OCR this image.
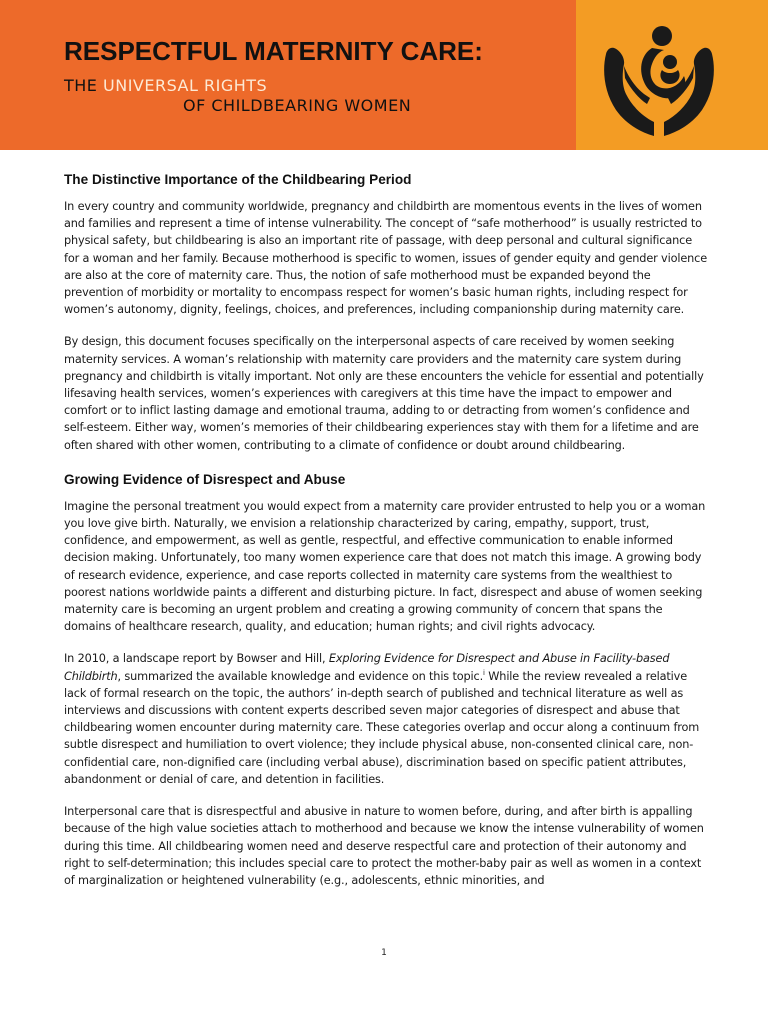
RESPECTFUL MATERNITY CARE:
THE UNIVERSAL RIGHTS
OF CHILDBEARING WOMEN
The Distinctive Importance of the Childbearing Period

In every country and community worldwide, pregnancy and childbirth are momentous events in the lives of women and families and represent a time of intense vulnerability. The concept of “safe motherhood” is usually restricted to physical safety, but childbearing is also an important rite of passage, with deep personal and cultural significance for a woman and her family. Because motherhood is specific to women, issues of gender equity and gender violence are also at the core of maternity care. Thus, the notion of safe motherhood must be expanded beyond the prevention of morbidity or mortality to encompass respect for women’s basic human rights, including respect for women’s autonomy, dignity, feelings, choices, and preferences, including companionship during maternity care.

By design, this document focuses specifically on the interpersonal aspects of care received by women seeking maternity services. A woman’s relationship with maternity care providers and the maternity care system during pregnancy and childbirth is vitally important. Not only are these encounters the vehicle for essential and potentially lifesaving health services, women’s experiences with caregivers at this time have the impact to empower and comfort or to inflict lasting damage and emotional trauma, adding to or detracting from women’s confidence and self-esteem. Either way, women’s memories of their childbearing experiences stay with them for a lifetime and are often shared with other women, contributing to a climate of confidence or doubt around childbearing.

Growing Evidence of Disrespect and Abuse

Imagine the personal treatment you would expect from a maternity care provider entrusted to help you or a woman you love give birth. Naturally, we envision a relationship characterized by caring, empathy, support, trust, confidence, and empowerment, as well as gentle, respectful, and effective communication to enable informed decision making. Unfortunately, too many women experience care that does not match this image. A growing body of research evidence, experience, and case reports collected in maternity care systems from the wealthiest to poorest nations worldwide paints a different and disturbing picture. In fact, disrespect and abuse of women seeking maternity care is becoming an urgent problem and creating a growing community of concern that spans the domains of healthcare research, quality, and education; human rights; and civil rights advocacy.

In 2010, a landscape report by Bowser and Hill, Exploring Evidence for Disrespect and Abuse in Facility-based Childbirth, summarized the available knowledge and evidence on this topic.$^i$ While the review revealed a relative lack of formal research on the topic, the authors’ in-depth search of published and technical literature as well as interviews and discussions with content experts described seven major categories of disrespect and abuse that childbearing women encounter during maternity care. These categories overlap and occur along a continuum from subtle disrespect and humiliation to overt violence; they include physical abuse, non-consented clinical care, non-confidential care, non-dignified care (including verbal abuse), discrimination based on specific patient attributes, abandonment or denial of care, and detention in facilities.

Interpersonal care that is disrespectful and abusive in nature to women before, during, and after birth is appalling because of the high value societies attach to motherhood and because we know the intense vulnerability of women during this time. All childbearing women need and deserve respectful care and protection of their autonomy and right to self-determination; this includes special care to protect the mother-baby pair as well as women in a context of marginalization or heightened vulnerability (e.g., adolescents, ethnic minorities, and

1
